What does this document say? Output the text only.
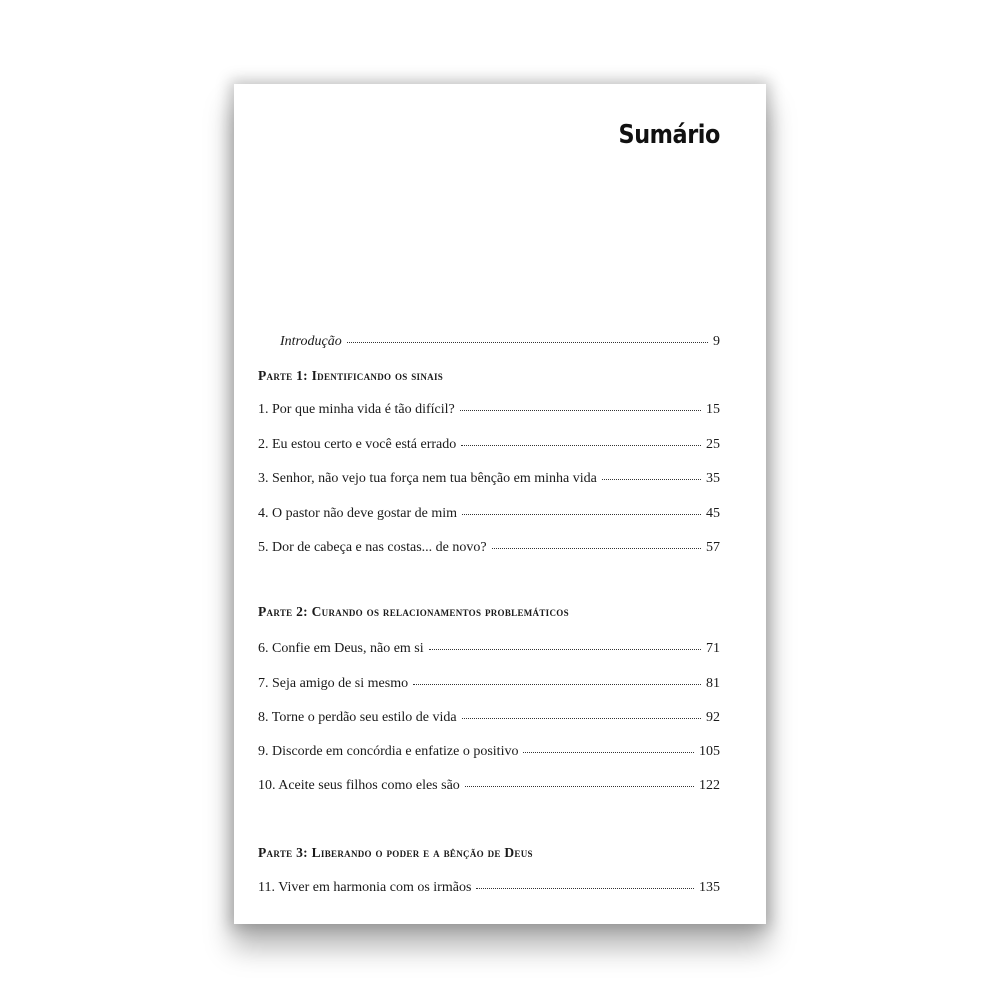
Sumário
Introdução	9
Parte 1: Identificando os sinais
1. Por que minha vida é tão difícil?	15
2. Eu estou certo e você está errado	25
3. Senhor, não vejo tua força nem tua bênção em minha vida	35
4. O pastor não deve gostar de mim	45
5. Dor de cabeça e nas costas... de novo?	57
Parte 2: Curando os relacionamentos problemáticos
6. Confie em Deus, não em si	71
7. Seja amigo de si mesmo	81
8. Torne o perdão seu estilo de vida	92
9. Discorde em concórdia e enfatize o positivo	105
10. Aceite seus filhos como eles são	122
Parte 3: Liberando o poder e a bênção de Deus
11. Viver em harmonia com os irmãos	135
